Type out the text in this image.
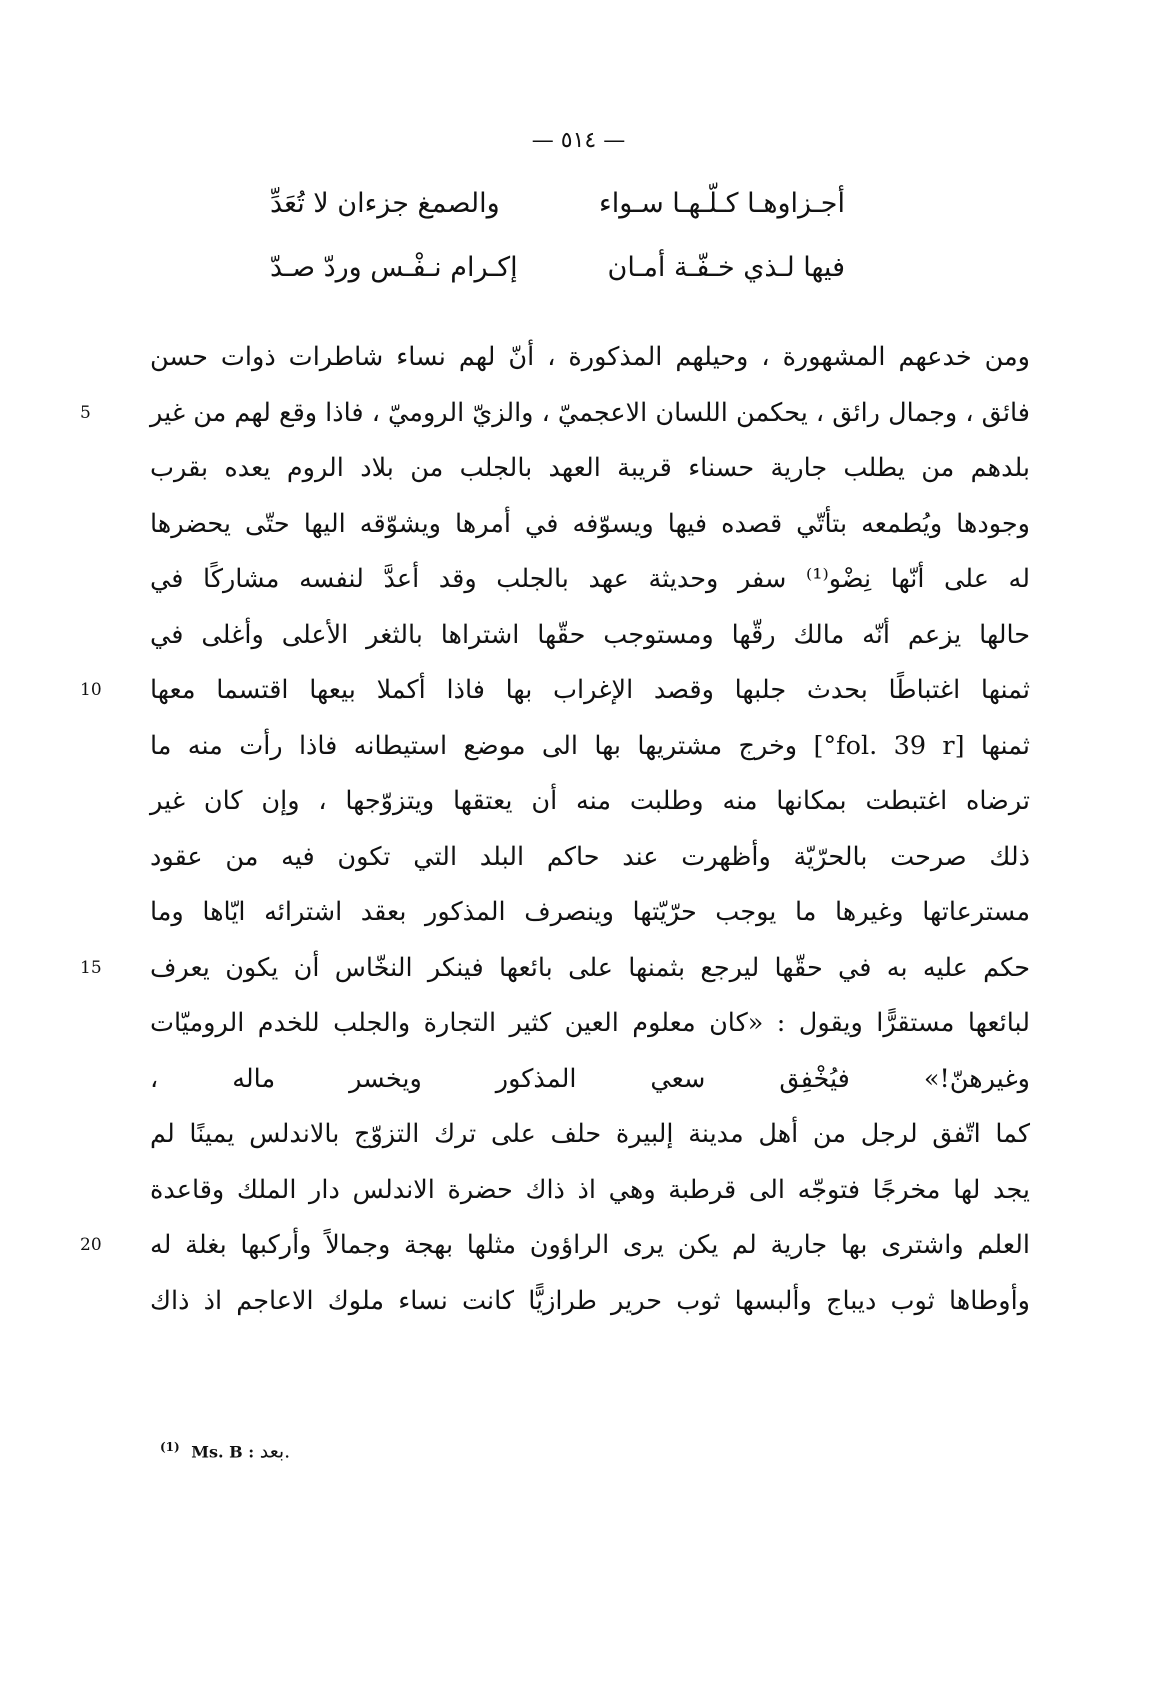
— ٥١٤ —
أجـزاوهـا كـلّـهـا سـواء
والصمغ جزءان لا تُعَدِّ
فيها لـذي خـفّـة أمـان
إكـرام نـفْـس وردّ صـدّ
ومن خدعهم المشهورة ، وحيلهم المذكورة ، أنّ لهم نساء شاطرات ذوات حسن
فائق ، وجمال رائق ، يحكمن اللسان الاعجميّ ، والزيّ الروميّ ، فاذا وقع لهم من غير
5
بلدهم من يطلب جارية حسناء قريبة العهد بالجلب من بلاد الروم يعده بقرب
وجودها ويُطمعه بتأتّي قصده فيها ويسوّفه في أمرها ويشوّقه اليها حتّى يحضرها
له على أنّها نِضْو⁽¹⁾ سفر وحديثة عهد بالجلب وقد أعدَّ لنفسه مشاركًا في
حالها يزعم أنّه مالك رقّها ومستوجب حقّها اشتراها بالثغر الأعلى وأغلى في
ثمنها اغتباطًا بحدث جلبها وقصد الإغراب بها فاذا أكملا بيعها اقتسما معها
10
ثمنها [fol. 39 r°] وخرج مشتريها بها الى موضع استيطانه فاذا رأت منه ما
ترضاه اغتبطت بمكانها منه وطلبت منه أن يعتقها ويتزوّجها ، وإن كان غير
ذلك صرحت بالحرّيّة وأظهرت عند حاكم البلد التي تكون فيه من عقود
مسترعاتها وغيرها ما يوجب حرّيّتها وينصرف المذكور بعقد اشترائه ايّاها وما
حكم عليه به في حقّها ليرجع بثمنها على بائعها فينكر النخّاس أن يكون يعرف
15
لبائعها مستقرًّا ويقول : «كان معلوم العين كثير التجارة والجلب للخدم الروميّات
وغيرهنّ!» فيُخْفِق سعي المذكور ويخسر ماله ،
كما اتّفق لرجل من أهل مدينة إلبيرة حلف على ترك التزوّج بالاندلس يمينًا لم
يجد لها مخرجًا فتوجّه الى قرطبة وهي اذ ذاك حضرة الاندلس دار الملك وقاعدة
العلم واشترى بها جارية لم يكن يرى الراؤون مثلها بهجة وجمالاً وأركبها بغلة له
20
وأوطاها ثوب ديباج وألبسها ثوب حرير طرازيًّا كانت نساء ملوك الاعاجم اذ ذاك
$^{(1)}$ Ms. B : بعد.
